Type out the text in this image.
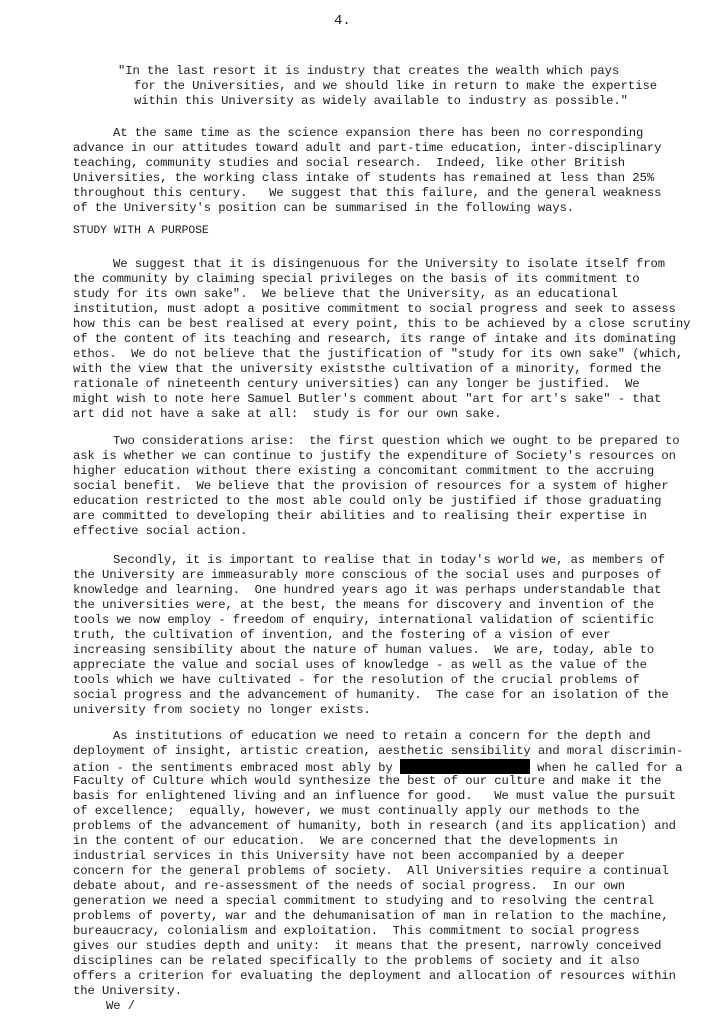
4.
"In the last resort it is industry that creates the wealth which pays
for the Universities, and we should like in return to make the expertise
within this University as widely available to industry as possible."
At the same time as the science expansion there has been no corresponding
advance in our attitudes toward adult and part-time education, inter-disciplinary
teaching, community studies and social research.  Indeed, like other British
Universities, the working class intake of students has remained at less than 25%
throughout this century.   We suggest that this failure, and the general weakness
of the University's position can be summarised in the following ways.
STUDY WITH A PURPOSE
We suggest that it is disingenuous for the University to isolate itself from
the community by claiming special privileges on the basis of its commitment to
study for its own sake".  We believe that the University, as an educational
institution, must adopt a positive commitment to social progress and seek to assess
how this can be best realised at every point, this to be achieved by a close scrutiny
of the content of its teaching and research, its range of intake and its dominating
ethos.  We do not believe that the justification of "study for its own sake" (which,
with the view that the university existsthe cultivation of a minority, formed the
rationale of nineteenth century universities) can any longer be justified.  We
might wish to note here Samuel Butler's comment about "art for art's sake" - that
art did not have a sake at all:  study is for our own sake.
Two considerations arise:  the first question which we ought to be prepared to
ask is whether we can continue to justify the expenditure of Society's resources on
higher education without there existing a concomitant commitment to the accruing
social benefit.  We believe that the provision of resources for a system of higher
education restricted to the most able could only be justified if those graduating
are committed to developing their abilities and to realising their expertise in
effective social action.
Secondly, it is important to realise that in today's world we, as members of
the University are immeasurably more conscious of the social uses and purposes of
knowledge and learning.  One hundred years ago it was perhaps understandable that
the universities were, at the best, the means for discovery and invention of the
tools we now employ - freedom of enquiry, international validation of scientific
truth, the cultivation of invention, and the fostering of a vision of ever
increasing sensibility about the nature of human values.  We are, today, able to
appreciate the value and social uses of knowledge - as well as the value of the
tools which we have cultivated - for the resolution of the crucial problems of
social progress and the advancement of humanity.  The case for an isolation of the
university from society no longer exists.
As institutions of education we need to retain a concern for the depth and
deployment of insight, artistic creation, aesthetic sensibility and moral discrimin-
ation - the sentiments embraced most ably by	when he called for a
Faculty of Culture which would synthesize the best of our culture and make it the
basis for enlightened living and an influence for good.   We must value the pursuit
of excellence;  equally, however, we must continually apply our methods to the
problems of the advancement of humanity, both in research (and its application) and
in the content of our education.  We are concerned that the developments in
industrial services in this University have not been accompanied by a deeper
concern for the general problems of society.  All Universities require a continual
debate about, and re-assessment of the needs of social progress.  In our own
generation we need a special commitment to studying and to resolving the central
problems of poverty, war and the dehumanisation of man in relation to the machine,
bureaucracy, colonialism and exploitation.  This commitment to social progress
gives our studies depth and unity:  it means that the present, narrowly conceived
disciplines can be related specifically to the problems of society and it also
offers a criterion for evaluating the deployment and allocation of resources within
the University.
We /
